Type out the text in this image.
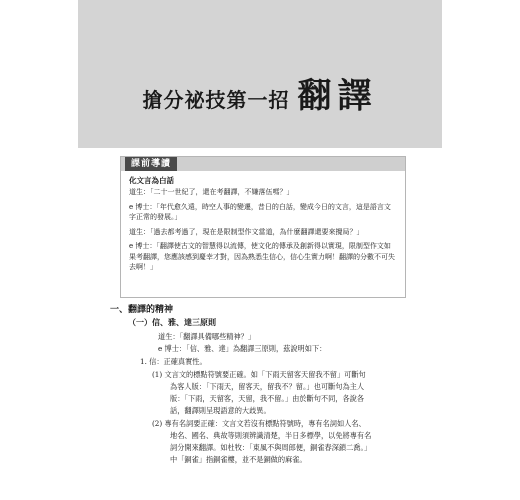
搶分祕技第一招 翻譯
課前導讀
化文言為白話

道生：「二十一世紀了，還在考翻譯，不嫌落伍嗎？」

e 博士：「年代愈久遠，時空人事的變遷，昔日的白話，變成今日的文言，這是語言文字正常的發展。」

道生：「過去都考過了，現在是限制型作文當道，為什麼翻譯還要來攪局？」

e 博士：「翻譯使古文的智慧得以流傳，使文化的傳承及創新得以實現，限制型作文如果考翻譯，您應該感到慶幸才對，因為熟悉生信心，信心生實力啊！翻譯的分數不可失去啊！」

一、翻譯的精神
（一）信、雅、達三原則
道生：「翻譯具備哪些精神？」
e 博士：「信、雅、達」為翻譯三原則，茲說明如下：
1. 信：正確真實性。
(1) 文言文的標點符號要正確。如「下雨天留客天留我不留」可斷句
為客人版：「下雨天，留客天，留我不？留。」也可斷句為主人
版：「下雨，天留客，天留，我不留。」由於斷句不同，各說各
話，翻譯則呈現語意的大歧異。
(2) 專有名詞要正確：文言文若沒有標點符號時，專有名詞如人名、
地名、國名、典故等則須辨識清楚，半日多標學，以免將專有名
詞分開來翻譯。如杜牧：「東風不與周郎便，銅雀春深鎖二喬。」
中「銅雀」指銅雀樓，並不是銅做的麻雀。
